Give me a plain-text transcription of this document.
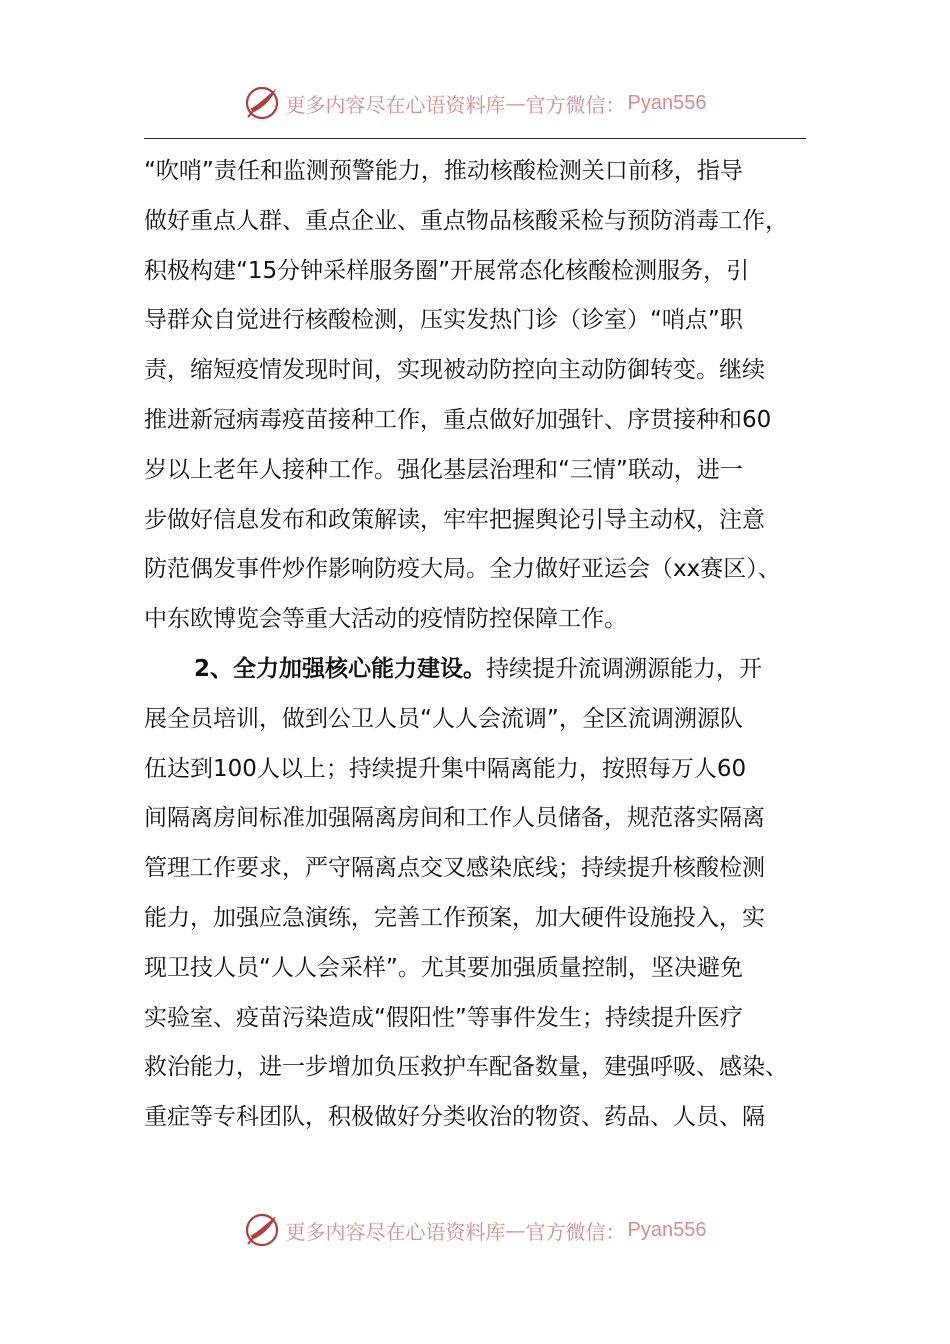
更多内容尽在心语资料库 — 官方微信： Pyan556
“吹哨”责任和监测预警能力，推动核酸检测关口前移，指导
做好重点人群、重点企业、重点物品核酸采检与预防消毒工作，
积极构建“15分钟采样服务圈”开展常态化核酸检测服务，引
导群众自觉进行核酸检测，压实发热门诊（诊室）“哨点”职
责，缩短疫情发现时间，实现被动防控向主动防御转变。继续
推进新冠病毒疫苗接种工作，重点做好加强针、序贯接种和60
岁以上老年人接种工作。强化基层治理和“三情”联动，进一
步做好信息发布和政策解读，牢牢把握舆论引导主动权，注意
防范偶发事件炒作影响防疫大局。全力做好亚运会（xx赛区）、
中东欧博览会等重大活动的疫情防控保障工作。
2、全力加强核心能力建设。持续提升流调溯源能力，开
展全员培训，做到公卫人员“人人会流调”，全区流调溯源队
伍达到100人以上；持续提升集中隔离能力，按照每万人60
间隔离房间标准加强隔离房间和工作人员储备，规范落实隔离
管理工作要求，严守隔离点交叉感染底线；持续提升核酸检测
能力，加强应急演练，完善工作预案，加大硬件设施投入，实
现卫技人员“人人会采样”。尤其要加强质量控制，坚决避免
实验室、疫苗污染造成“假阳性”等事件发生；持续提升医疗
救治能力，进一步增加负压救护车配备数量，建强呼吸、感染、
重症等专科团队，积极做好分类收治的物资、药品、人员、隔
更多内容尽在心语资料库 — 官方微信： Pyan556
